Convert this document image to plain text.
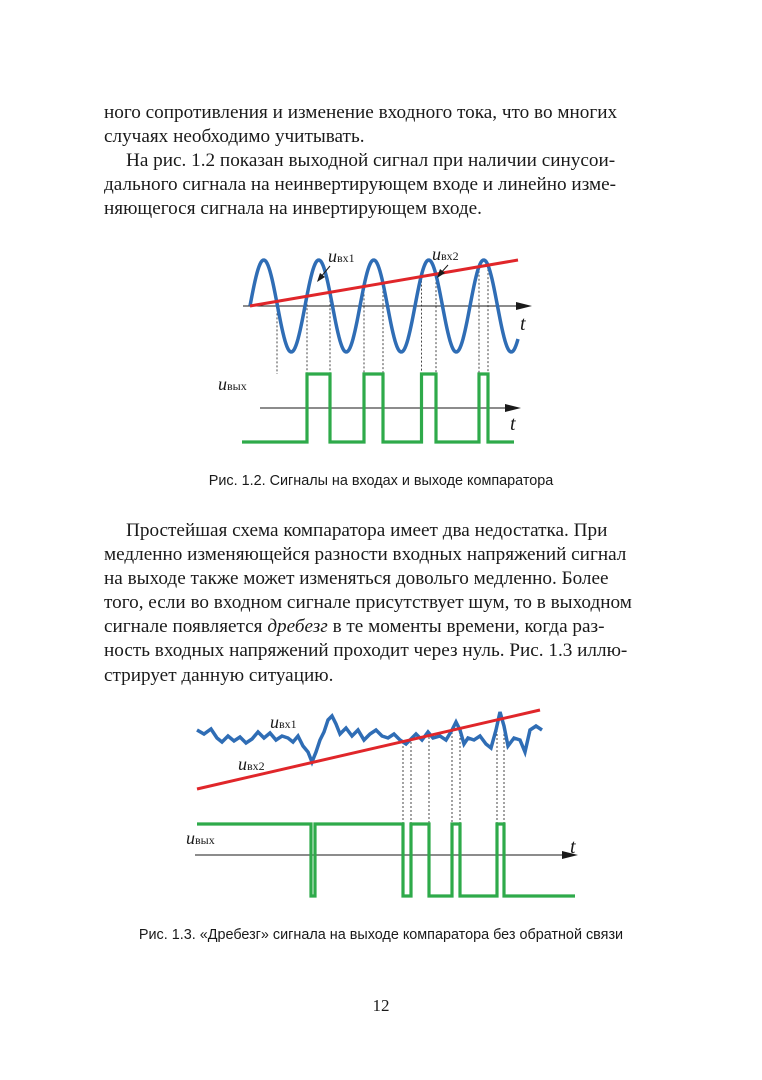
ного сопротивления и изменение входного тока, что во многих
случаях необходимо учитывать.

На рис. 1.2 показан выходной сигнал при наличии синусои-
дального сигнала на неинвертирующем входе и линейно изме-
няющегося сигнала на инвертирующем входе.

uвх1	uвх2
uвых
t
t

Рис. 1.2. Сигналы на входах и выходе компаратора

Простейшая схема компаратора имеет два недостатка. При
медленно изменяющейся разности входных напряжений сигнал
на выходе также может изменяться довольго медленно. Более
того, если во входном сигнале присутствует шум, то в выходном
сигнале появляется дребезг в те моменты времени, когда раз-
ность входных напряжений проходит через нуль. Рис. 1.3 иллю-
стрирует данную ситуацию.

uвх1
uвх2
uвых	t

Рис. 1.3. «Дребезг» сигнала на выходе компаратора без обратной связи

12
